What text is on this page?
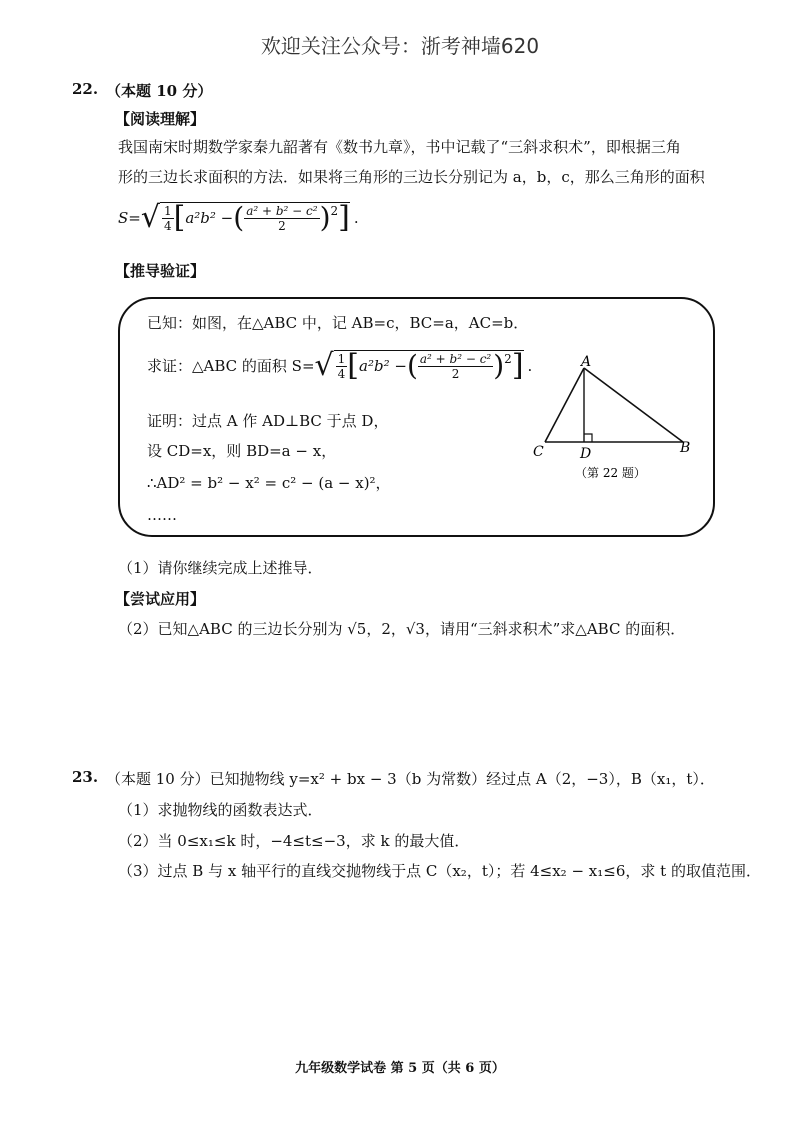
欢迎关注公众号：浙考神墙620
22. （本题 10 分）
【阅读理解】
我国南宋时期数学家秦九韶著有《数书九章》，书中记载了“三斜求积术”，即根据三角
形的三边长求面积的方法．如果将三角形的三边长分别记为 a，b，c，那么三角形的面积
S= √ $\frac{1}{4}$ [ a²b² − ( $\frac{\text{a² + b² − c²}}{2} )^2$ ] .
【推导验证】
已知：如图，在△ABC 中，记 AB=c，BC=a，AC=b．
求证：△ABC 的面积 S= √ $\frac{1}{4}$ [ a²b² − ( $\frac{\text{a² + b² − c²}}{2} )^2$ ] .
证明：过点 A 作 AD⊥BC 于点 D，
设 CD=x，则 BD=a − x，
∴AD² = b² − x² = c² − (a − x)²，
……
A
B
C	D
（第 22 题）
（1）请你继续完成上述推导．
【尝试应用】
（2）已知△ABC 的三边长分别为 √5，2，√3，请用“三斜求积术”求△ABC 的面积．
23. （本题 10 分）已知抛物线 y=x² + bx − 3（b 为常数）经过点 A（2，−3），B（x₁，t）．
（1）求抛物线的函数表达式．
（2）当 0≤x₁≤k 时，−4≤t≤−3，求 k 的最大值．
（3）过点 B 与 x 轴平行的直线交抛物线于点 C（x₂，t）；若 4≤x₂ − x₁≤6，求 t 的取值范围．
九年级数学试卷 第 5 页（共 6 页）
